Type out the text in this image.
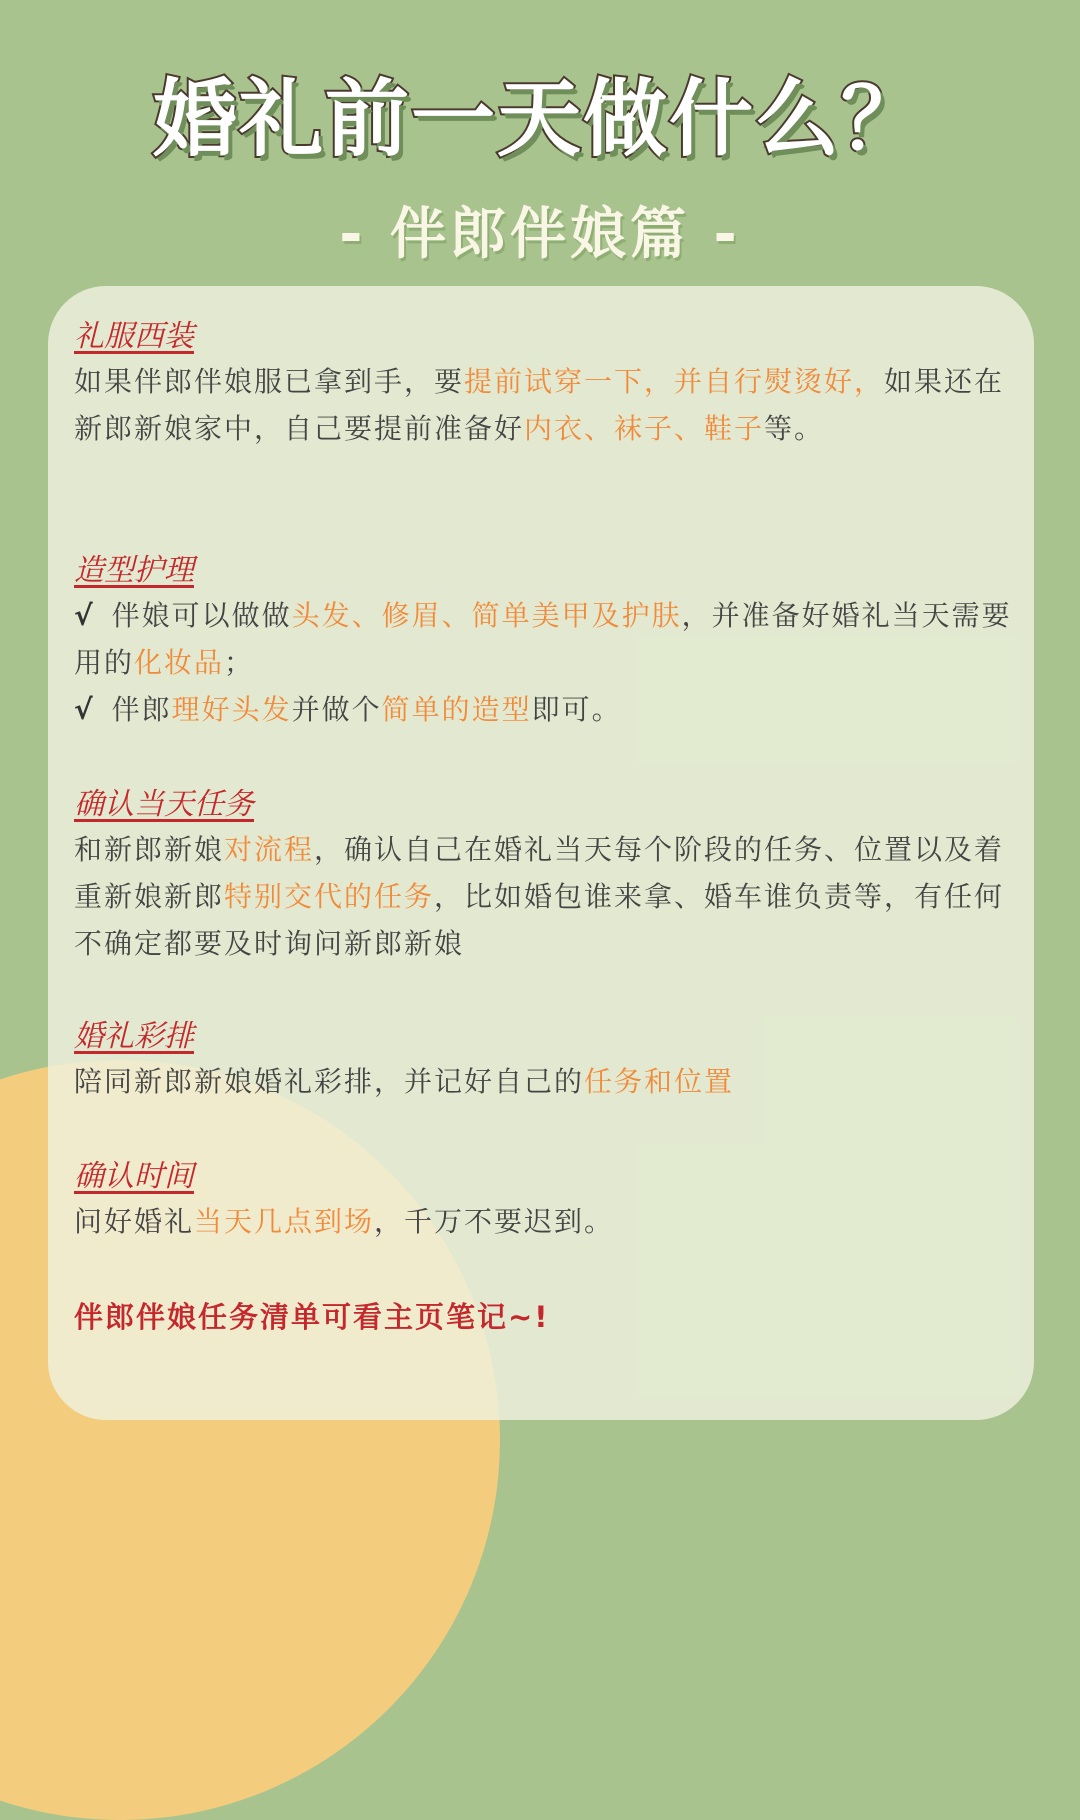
婚礼前一天做什么？
- 伴郎伴娘篇 -
礼服西装

如果伴郎伴娘服已拿到手，要提前试穿一下，并自行熨烫好，如果还在新郎新娘家中，自己要提前准备好内衣、袜子、鞋子等。

造型护理

√ 伴娘可以做做头发、修眉、简单美甲及护肤，并准备好婚礼当天需要用的化妆品；

√ 伴郎理好头发并做个简单的造型即可。

确认当天任务

和新郎新娘对流程，确认自己在婚礼当天每个阶段的任务、位置以及着重新娘新郎特别交代的任务，比如婚包谁来拿、婚车谁负责等，有任何不确定都要及时询问新郎新娘

婚礼彩排

陪同新郎新娘婚礼彩排，并记好自己的任务和位置

确认时间

问好婚礼当天几点到场，千万不要迟到。

伴郎伴娘任务清单可看主页笔记~!
